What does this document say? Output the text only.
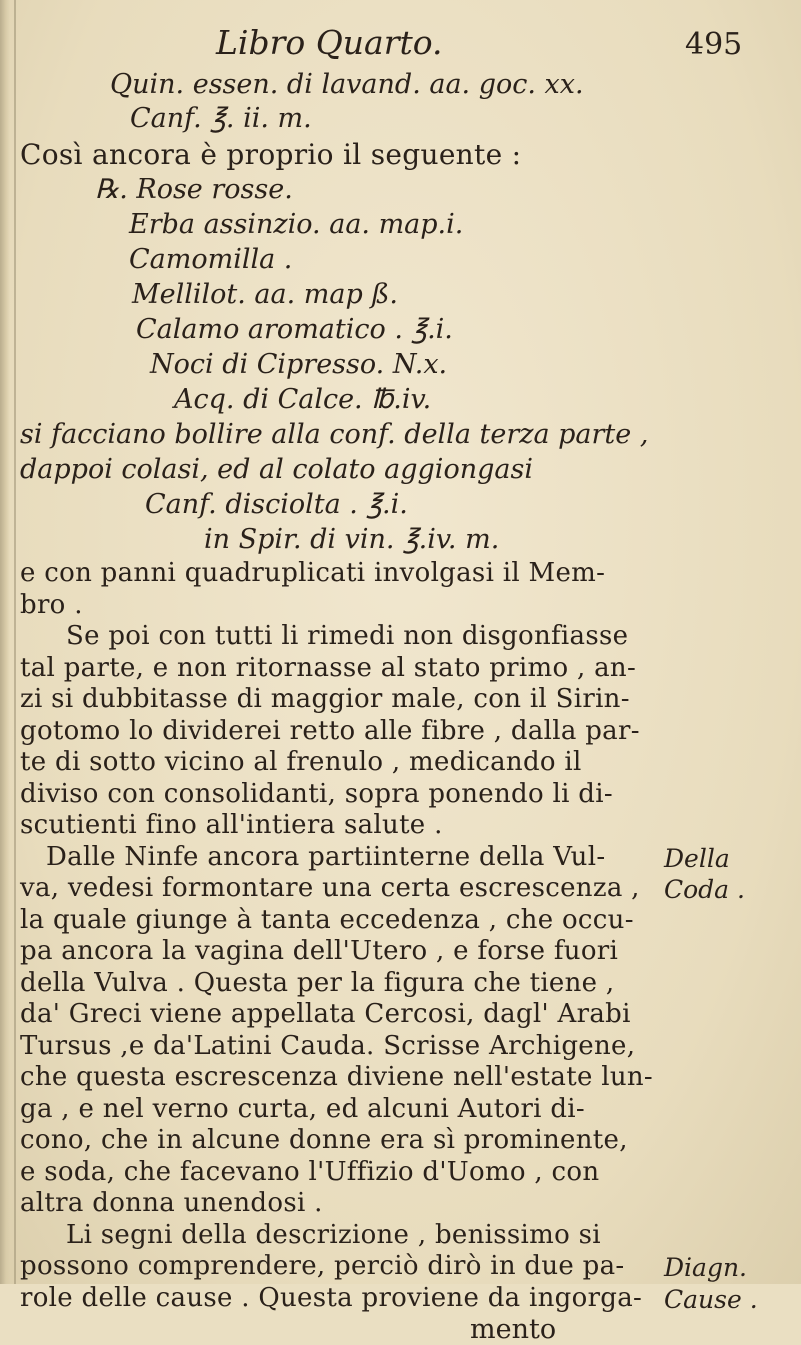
Libro Quarto.	495
Quin. essen. di lavand. aa. goc. xx.
Canf. ℥. ii. m.
Così ancora è proprio il seguente :
℞. Rose rosse.
Erba assinzio. aa. map.i.
Camomilla .
Mellilot. aa. map ß.
Calamo aromatico . ℥.i.
Noci di Cipresso. N.x.
Acq. di Calce. ℔.iv.
si facciano bollire alla conf. della terza parte ,
dappoi colasi, ed al colato aggiongasi
Canf. disciolta . ℥.i.
in Spir. di vin. ℥.iv. m.
e con panni quadruplicati involgasi il Mem-
bro .
Se poi con tutti li rimedi non disgonfiasse
tal parte, e non ritornasse al stato primo , an-
zi si dubbitasse di maggior male, con il Sirin-
gotomo lo dividerei retto alle fibre , dalla par-
te di sotto vicino al frenulo , medicando il
diviso con consolidanti, sopra ponendo li di-
scutienti fino all'intiera salute .
Dalle Ninfe ancora partiinterne della Vul-
va, vedesi formontare una certa escrescenza ,
la quale giunge à tanta eccedenza , che occu-
pa ancora la vagina dell'Utero , e forse fuori
della Vulva . Questa per la figura che tiene ,
da' Greci viene appellata Cercosi, dagl' Arabi
Tursus ,e da'Latini Cauda. Scrisse Archigene,
che questa escrescenza diviene nell'estate lun-
ga , e nel verno curta, ed alcuni Autori di-
cono, che in alcune donne era sì prominente,
e soda, che facevano l'Uffizio d'Uomo , con
altra donna unendosi .
Li segni della descrizione , benissimo si
possono comprendere, perciò dirò in due pa-
role delle cause . Questa proviene da ingorga-
mento
Della
Coda .
Diagn.
Cause .
